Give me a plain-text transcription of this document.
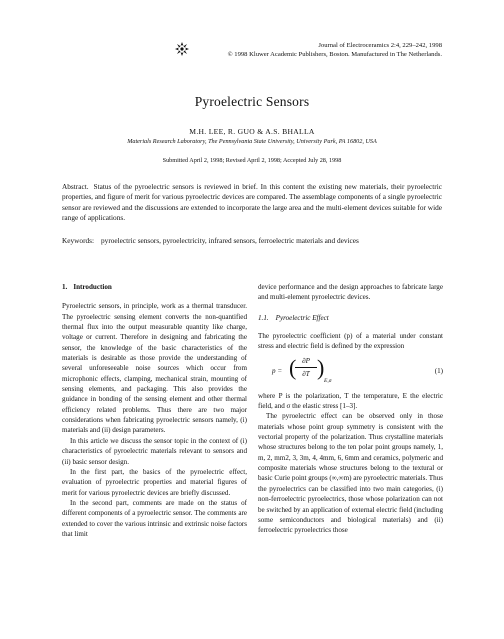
Journal of Electroceramics 2:4, 229–242, 1998
© 1998 Kluwer Academic Publishers, Boston. Manufactured in The Netherlands.
Pyroelectric Sensors
M.H. LEE, R. GUO & A.S. BHALLA
Materials Research Laboratory, The Pennsylvania State University, University Park, PA 16802, USA
Submitted April 2, 1998; Revised April 2, 1998; Accepted July 28, 1998
Abstract. Status of the pyroelectric sensors is reviewed in brief. In this content the existing new materials, their pyroelectric properties, and figure of merit for various pyroelectric devices are compared. The assemblage components of a single pyroelectric sensor are reviewed and the discussions are extended to incorporate the large area and the multi-element devices suitable for wide range of applications.
Keywords: pyroelectric sensors, pyroelectricity, infrared sensors, ferroelectric materials and devices
1. Introduction

Pyroelectric sensors, in principle, work as a thermal transducer. The pyroelectric sensing element converts the non-quantified thermal flux into the output measurable quantity like charge, voltage or current. Therefore in designing and fabricating the sensor, the knowledge of the basic characteristics of the materials is desirable as those provide the understanding of several unforeseeable noise sources which occur from microphonic effects, clamping, mechanical strain, mounting of sensing elements, and packaging. This also provides the guidance in bonding of the sensing element and other thermal efficiency related problems. Thus there are two major considerations when fabricating pyroelectric sensors namely, (i) materials and (ii) design parameters.

In this article we discuss the sensor topic in the context of (i) characteristics of pyroelectric materials relevant to sensors and (ii) basic sensor design.

In the first part, the basics of the pyroelectric effect, evaluation of pyroelectric properties and material figures of merit for various pyroelectric devices are briefly discussed.

In the second part, comments are made on the status of different components of a pyroelectric sensor. The comments are extended to cover the various intrinsic and extrinsic noise factors that limit

device performance and the design approaches to fabricate large and multi-element pyroelectric devices.

1.1. Pyroelectric Effect

The pyroelectric coefficient (p) of a material under constant stress and electric field is defined by the expression

p = ( ∂P
∂T )
E,σ
(1)

where P is the polarization, T the temperature, E the electric field, and σ the elastic stress [1–3].

The pyroelectric effect can be observed only in those materials whose point group symmetry is consistent with the vectorial property of the polarization. Thus crystalline materials whose structures belong to the ten polar point groups namely, 1, m, 2, mm2, 3, 3m, 4, 4mm, 6, 6mm and ceramics, polymeric and composite materials whose structures belong to the textural or basic Curie point groups (∞,∞m) are pyroelectric materials. Thus the pyroelectrics can be classified into two main categories, (i) non-ferroelectric pyroelectrics, those whose polarization can not be switched by an application of external electric field (including some semiconductors and biological materials) and (ii) ferroelectric pyroelectrics those
